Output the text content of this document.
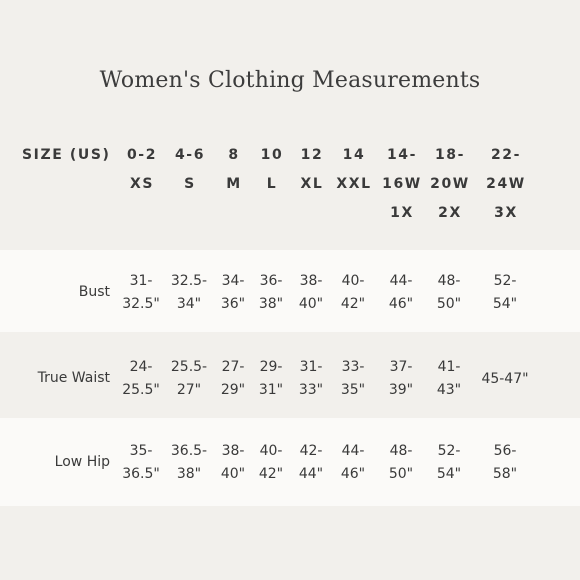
Women's Clothing Measurements
SIZE (US)	0-2
XS
4-6
S
8
M
10
L
12
XL
14
XXL
14-
16W
1X
18-
20W
2X
22-
24W
3X
Bust
31-
32.5"
32.5-
34"
34-
36"
36-
38"
38-
40"
40-
42"
44-
46"
48-
50"
52-
54"
True Waist
24-
25.5"
25.5-
27"
27-
29"
29-
31"
31-
33"
33-
35"
37-
39"
41-
43"
45-47"
Low Hip
35-
36.5"
36.5-
38"
38-
40"
40-
42"
42-
44"
44-
46"
48-
50"
52-
54"
56-
58"
